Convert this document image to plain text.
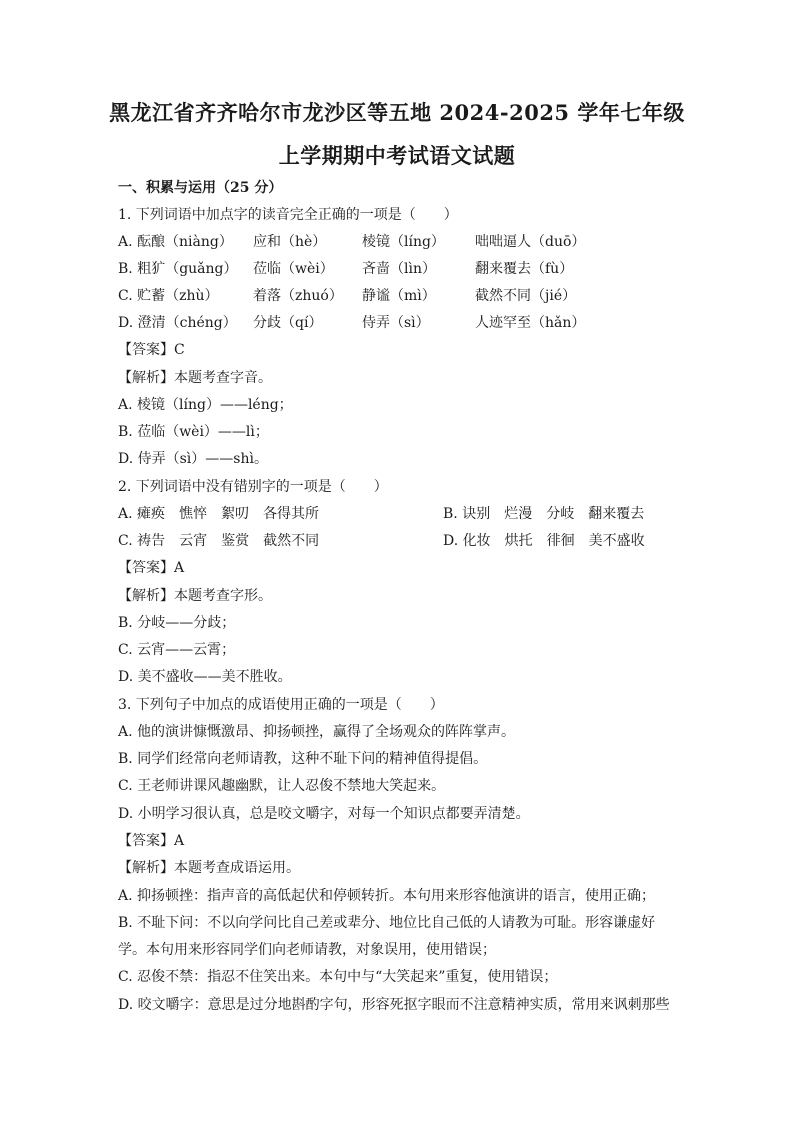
黑龙江省齐齐哈尔市龙沙区等五地 2024-2025 学年七年级
上学期期中考试语文试题
一、积累与运用（25 分）
1. 下列词语中加点字的读音完全正确的一项是（　　）
A. 酝酿（niàng） 应和（hè）	棱镜（líng） 咄咄逼人（duō）
B. 粗犷（guǎng） 莅临（wèi） 吝啬（lìn）	翻来覆去（fù）
C. 贮蓄（zhù） 着落（zhuó） 静谧（mì）	截然不同（jié）
D. 澄清（chéng） 分歧（qí）	侍弄（sì）	人迹罕至（hǎn）
【答案】C
【解析】本题考查字音。
A. 棱镜（líng）——léng；
B. 莅临（wèi）——lì；
D. 侍弄（sì）——shì。
2. 下列词语中没有错别字的一项是（　　）
A. 瘫痪　憔悴　絮叨　各得其所	B. 诀别　烂漫　分岐　翻来覆去
C. 祷告　云宵　鉴赏　截然不同	D. 化妆　烘托　徘徊　美不盛收
【答案】A
【解析】本题考查字形。
B. 分岐——分歧；
C. 云宵——云霄；
D. 美不盛收——美不胜收。
3. 下列句子中加点的成语使用正确的一项是（　　）
A. 他的演讲慷慨激昂、抑扬顿挫，赢得了全场观众的阵阵掌声。
B. 同学们经常向老师请教，这种不耻下问的精神值得提倡。
C. 王老师讲课风趣幽默，让人忍俊不禁地大笑起来。
D. 小明学习很认真，总是咬文嚼字，对每一个知识点都要弄清楚。
【答案】A
【解析】本题考查成语运用。
A. 抑扬顿挫：指声音的高低起伏和停顿转折。本句用来形容他演讲的语言，使用正确；
B. 不耻下问：不以向学问比自己差或辈分、地位比自己低的人请教为可耻。形容谦虚好
学。本句用来形容同学们向老师请教，对象误用，使用错误；
C. 忍俊不禁：指忍不住笑出来。本句中与“大笑起来”重复，使用错误；
D. 咬文嚼字：意思是过分地斟酌字句，形容死抠字眼而不注意精神实质，常用来讽刺那些
